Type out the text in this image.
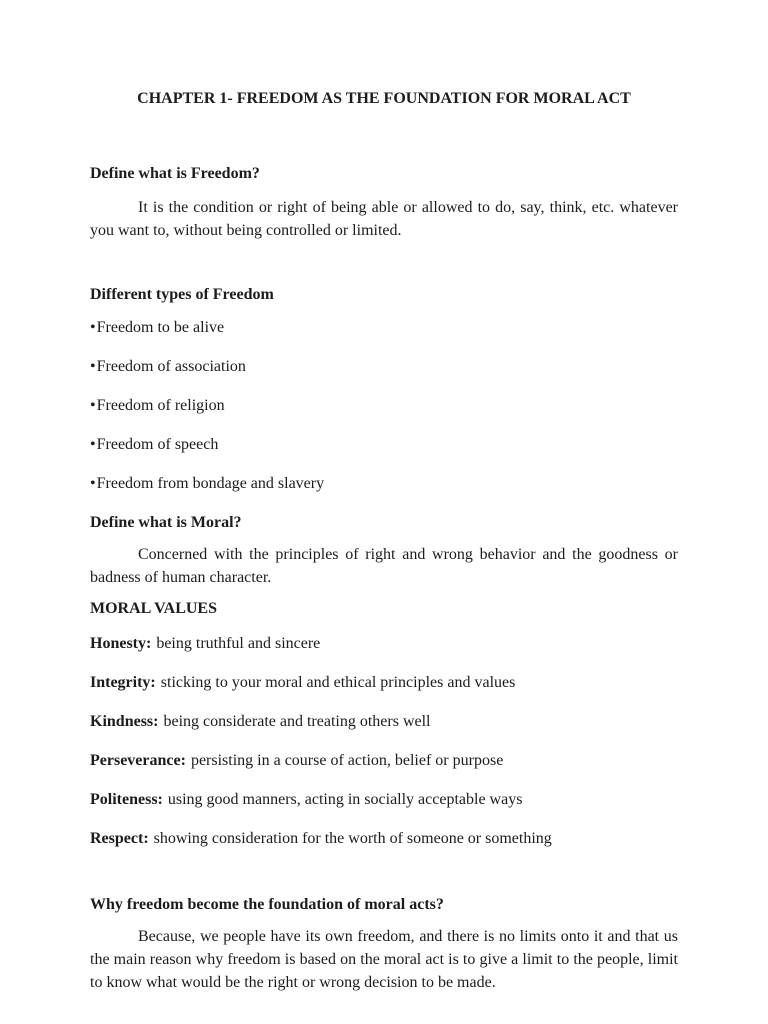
CHAPTER 1- FREEDOM AS THE FOUNDATION FOR MORAL ACT

Define what is Freedom?

It is the condition or right of being able or allowed to do, say, think, etc. whatever you want to, without being controlled or limited.

Different types of Freedom

•Freedom to be alive

•Freedom of association

•Freedom of religion

•Freedom of speech

•Freedom from bondage and slavery

Define what is Moral?

Concerned with the principles of right and wrong behavior and the goodness or badness of human character.

MORAL VALUES

Honesty: being truthful and sincere

Integrity: sticking to your moral and ethical principles and values

Kindness: being considerate and treating others well

Perseverance: persisting in a course of action, belief or purpose

Politeness: using good manners, acting in socially acceptable ways

Respect: showing consideration for the worth of someone or something

Why freedom become the foundation of moral acts?

Because, we people have its own freedom, and there is no limits onto it and that us the main reason why freedom is based on the moral act is to give a limit to the people, limit to know what would be the right or wrong decision to be made.
